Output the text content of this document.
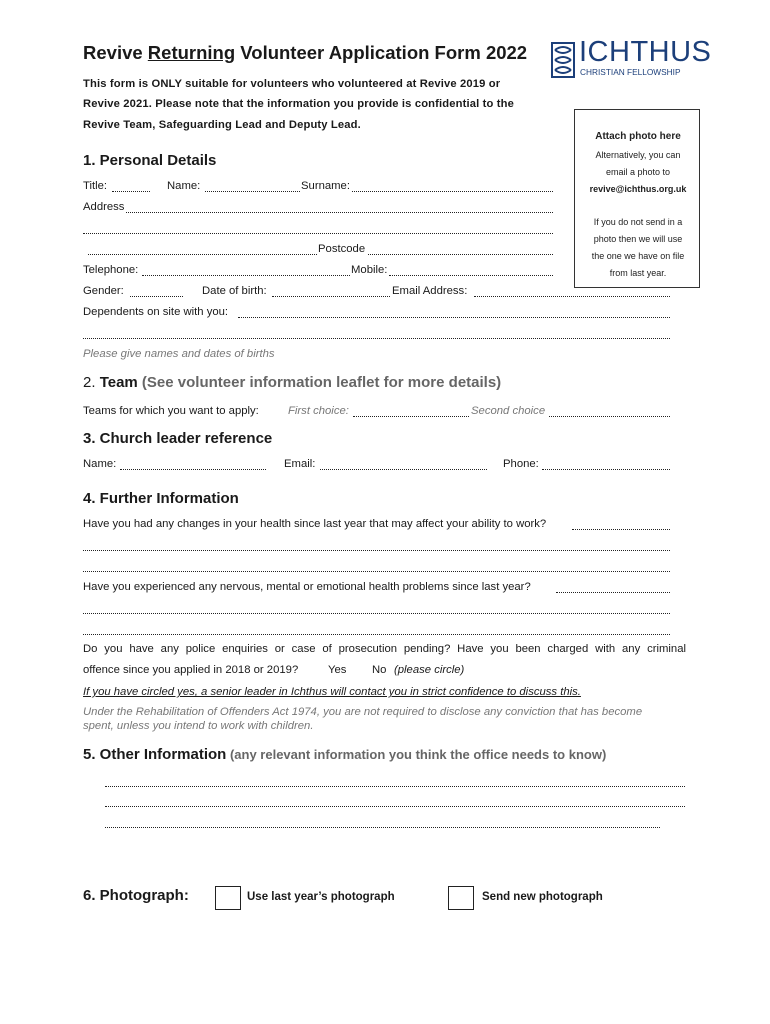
Revive Returning Volunteer Application Form 2022 ICHTHUS
CHRISTIAN FELLOWSHIP
This form is ONLY suitable for volunteers who volunteered at Revive 2019 or
Revive 2021. Please note that the information you provide is confidential to the
Revive Team, Safeguarding Lead and Deputy Lead.
Attach photo here
Alternatively, you can
email a photo to
revive@ichthus.org.uk
If you do not send in a
photo then we will use
the one we have on file
from last year.
1. Personal Details
Title:	Name:	Surname:
Address
Postcode
Telephone:	Mobile:
Gender:	Date of birth:	Email Address:
Dependents on site with you:
Please give names and dates of births
2. Team (See volunteer information leaflet for more details)
Teams for which you want to apply:	First choice:	Second choice
3. Church leader reference
Name:	Email:	Phone:
4. Further Information
Have you had any changes in your health since last year that may affect your ability to work?
Have you experienced any nervous, mental or emotional health problems since last year?
Do you have any police enquiries or case of prosecution pending? Have you been charged with any criminal
offence since you applied in 2018 or 2019?	Yes No (please circle)
If you have circled yes, a senior leader in Ichthus will contact you in strict confidence to discuss this.
Under the Rehabilitation of Offenders Act 1974, you are not required to disclose any conviction that has become
spent, unless you intend to work with children.
5. Other Information (any relevant information you think the office needs to know)
6. Photograph:	Use last year’s photograph	Send new photograph
